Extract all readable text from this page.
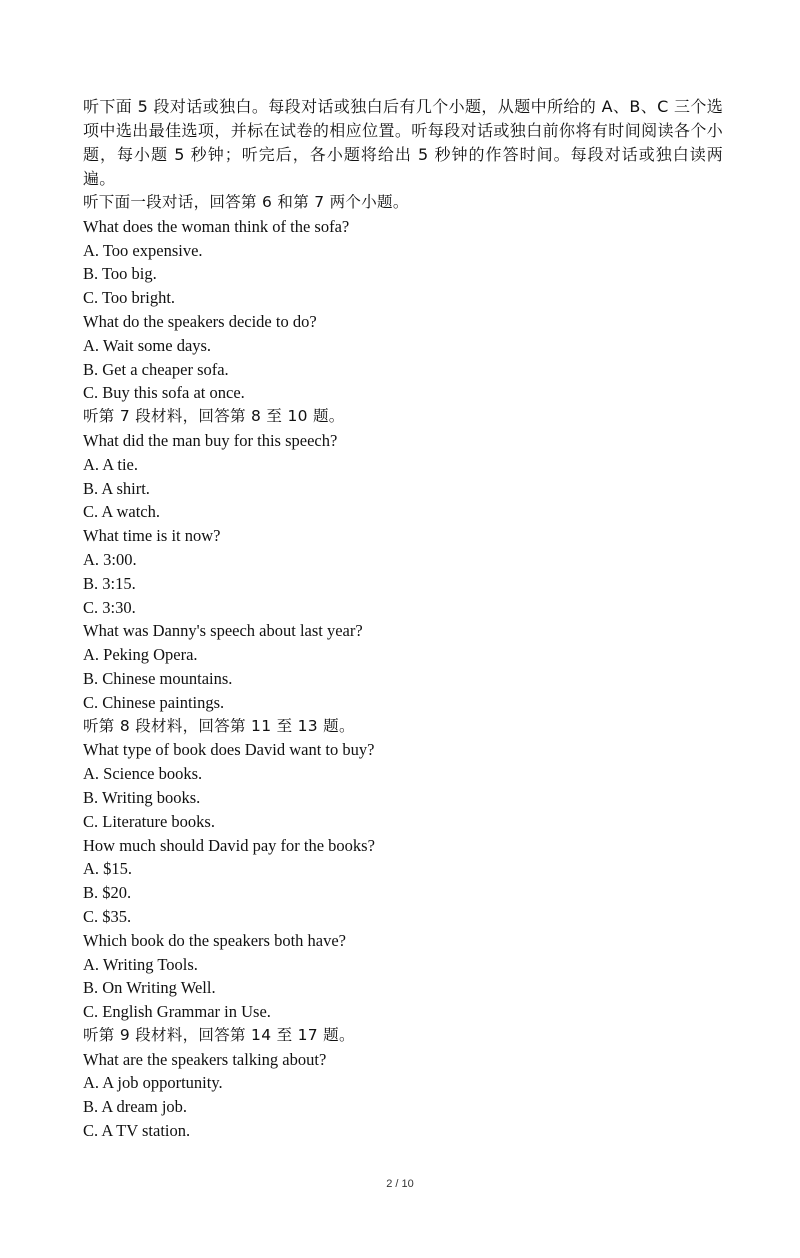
听下面 5 段对话或独白。每段对话或独白后有几个小题，从题中所给的 A、B、C 三个选项中选出最佳选项，并标在试卷的相应位置。听每段对话或独白前你将有时间阅读各个小题，每小题 5 秒钟；听完后，各小题将给出 5 秒钟的作答时间。每段对话或独白读两遍。
听下面一段对话，回答第 6 和第 7 两个小题。
What does the woman think of the sofa?
A. Too expensive.
B. Too big.
C. Too bright.
What do the speakers decide to do?
A. Wait some days.
B. Get a cheaper sofa.
C. Buy this sofa at once.
听第 7 段材料，回答第 8 至 10 题。
What did the man buy for this speech?
A. A tie.
B. A shirt.
C. A watch.
What time is it now?
A. 3:00.
B. 3:15.
C. 3:30.
What was Danny's speech about last year?
A. Peking Opera.
B. Chinese mountains.
C. Chinese paintings.
听第 8 段材料，回答第 11 至 13 题。
What type of book does David want to buy?
A. Science books.
B. Writing books.
C. Literature books.
How much should David pay for the books?
A. $15.
B. $20.
C. $35.
Which book do the speakers both have?
A. Writing Tools.
B. On Writing Well.
C. English Grammar in Use.
听第 9 段材料，回答第 14 至 17 题。
What are the speakers talking about?
A. A job opportunity.
B. A dream job.
C. A TV station.
2 / 10
